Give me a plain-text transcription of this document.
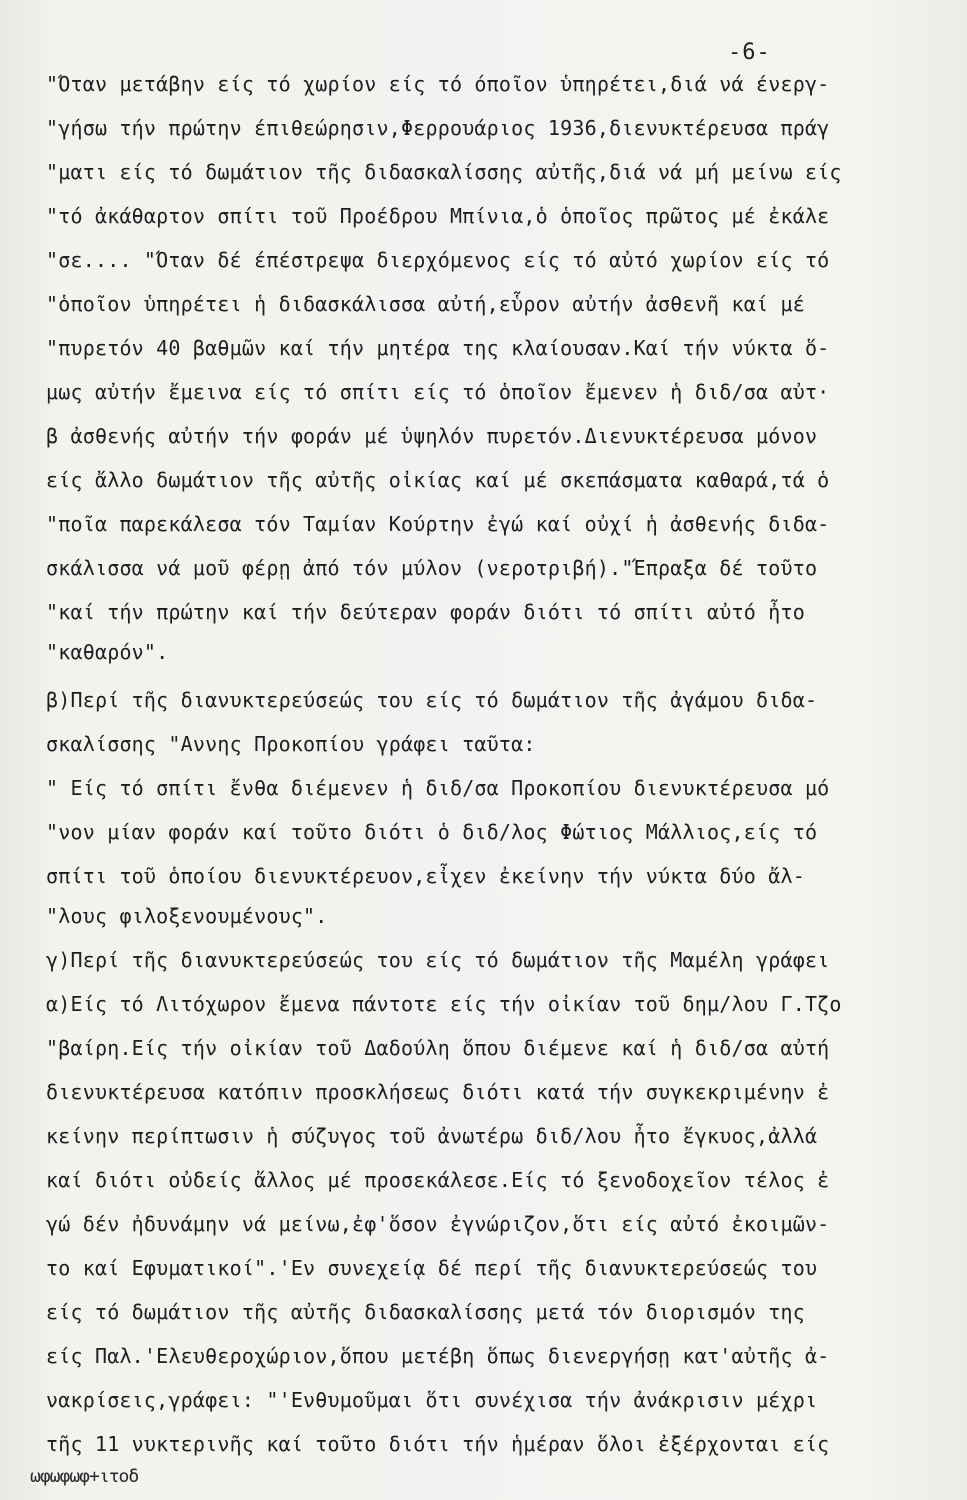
-6-
"Όταν μετάβην είς τό χωρίον είς τό όποῖον ὑπηρέτει,διά νά ένεργ-
"γήσω τήν πρώτην έπιθεώρησιν,Φερρουάριος 1936,διενυκτέρευσα πράγ
"ματι είς τό δωμάτιον τῆς διδασκαλίσσης αὐτῆς,διά νά μή μείνω είς
"τό ἀκάθαρτον σπίτι τοῦ Προέδρου Μπίνια,ὁ ὁποῖος πρῶτος μέ ἐκάλε
"σε.... "Όταν δέ έπέστρεψα διερχόμενος είς τό αὐτό χωρίον είς τό
"ὁποῖον ὑπηρέτει ἡ διδασκάλισσα αὐτή,εὗρον αὐτήν ἀσθενῆ καί μέ
"πυρετόν 40 βαθμῶν καί τήν μητέρα της κλαίουσαν.Καί τήν νύκτα ὅ-
μως αὐτήν ἔμεινα είς τό σπίτι είς τό ὁποῖον ἔμενεν ἡ διδ/σα αὐτ·
β ἀσθενής αὐτήν τήν φοράν μέ ὑψηλόν πυρετόν.Διενυκτέρευσα μόνον
είς ἄλλο δωμάτιον τῆς αὐτῆς οἰκίας καί μέ σκεπάσματα καθαρά,τά ὁ
"ποῖα παρεκάλεσα τόν Ταμίαν Κούρτην ἐγώ καί οὐχί ἡ ἀσθενής διδα-
σκάλισσα νά μοῦ φέρῃ ἀπό τόν μύλον (νεροτριβή)."Έπραξα δέ τοῦτο
"καί τήν πρώτην καί τήν δεύτεραν φοράν διότι τό σπίτι αὐτό ἦτο
"καθαρόν".
β)Περί τῆς διανυκτερεύσεώς του είς τό δωμάτιον τῆς ἀγάμου διδα-
σκαλίσσης "Αννης Προκοπίου γράφει ταῦτα:
" Είς τό σπίτι ἔνθα διέμενεν ἡ διδ/σα Προκοπίου διενυκτέρευσα μό
"νον μίαν φοράν καί τοῦτο διότι ὁ διδ/λος Φώτιος Μάλλιος,είς τό
σπίτι τοῦ ὁποίου διενυκτέρευον,εἶχεν ἐκείνην τήν νύκτα δύο ἄλ-
"λους φιλοξενουμένους".
γ)Περί τῆς διανυκτερεύσεώς του είς τό δωμάτιον τῆς Μαμέλη γράφει
α)Είς τό Λιτόχωρον ἔμενα πάντοτε είς τήν οἰκίαν τοῦ δημ/λου Γ.Τζο
"βαίρη.Είς τήν οἰκίαν τοῦ Δαδούλη ὅπου διέμενε καί ἡ διδ/σα αὐτή
διενυκτέρευσα κατόπιν προσκλήσεως διότι κατά τήν συγκεκριμένην ἐ
κείνην περίπτωσιν ἡ σύζυγος τοῦ ἀνωτέρω διδ/λου ἦτο ἔγκυος,ἀλλά
καί διότι οὐδείς ἄλλος μέ προσεκάλεσε.Είς τό ξενοδοχεῖον τέλος ἐ
γώ δέν ἠδυνάμην νά μείνω,ἐφ'ὅσον ἐγνώριζον,ὅτι είς αὐτό ἐκοιμῶν-
το καί Εφυματικοί".'Εν συνεχείᾳ δέ περί τῆς διανυκτερεύσεώς του
είς τό δωμάτιον τῆς αὐτῆς διδασκαλίσσης μετά τόν διορισμόν της
είς Παλ.'Ελευθεροχώριον,ὅπου μετέβη ὅπως διενεργήσῃ κατ'αὐτῆς ἀ-
νακρίσεις,γράφει: "'Ενθυμοῦμαι ὅτι συνέχισα τήν ἀνάκρισιν μέχρι
τῆς 11 νυκτερινῆς καί τοῦτο διότι τήν ἡμέραν ὅλοι ἐξέρχονται είς
ωφωφωφ+ιτοδ
